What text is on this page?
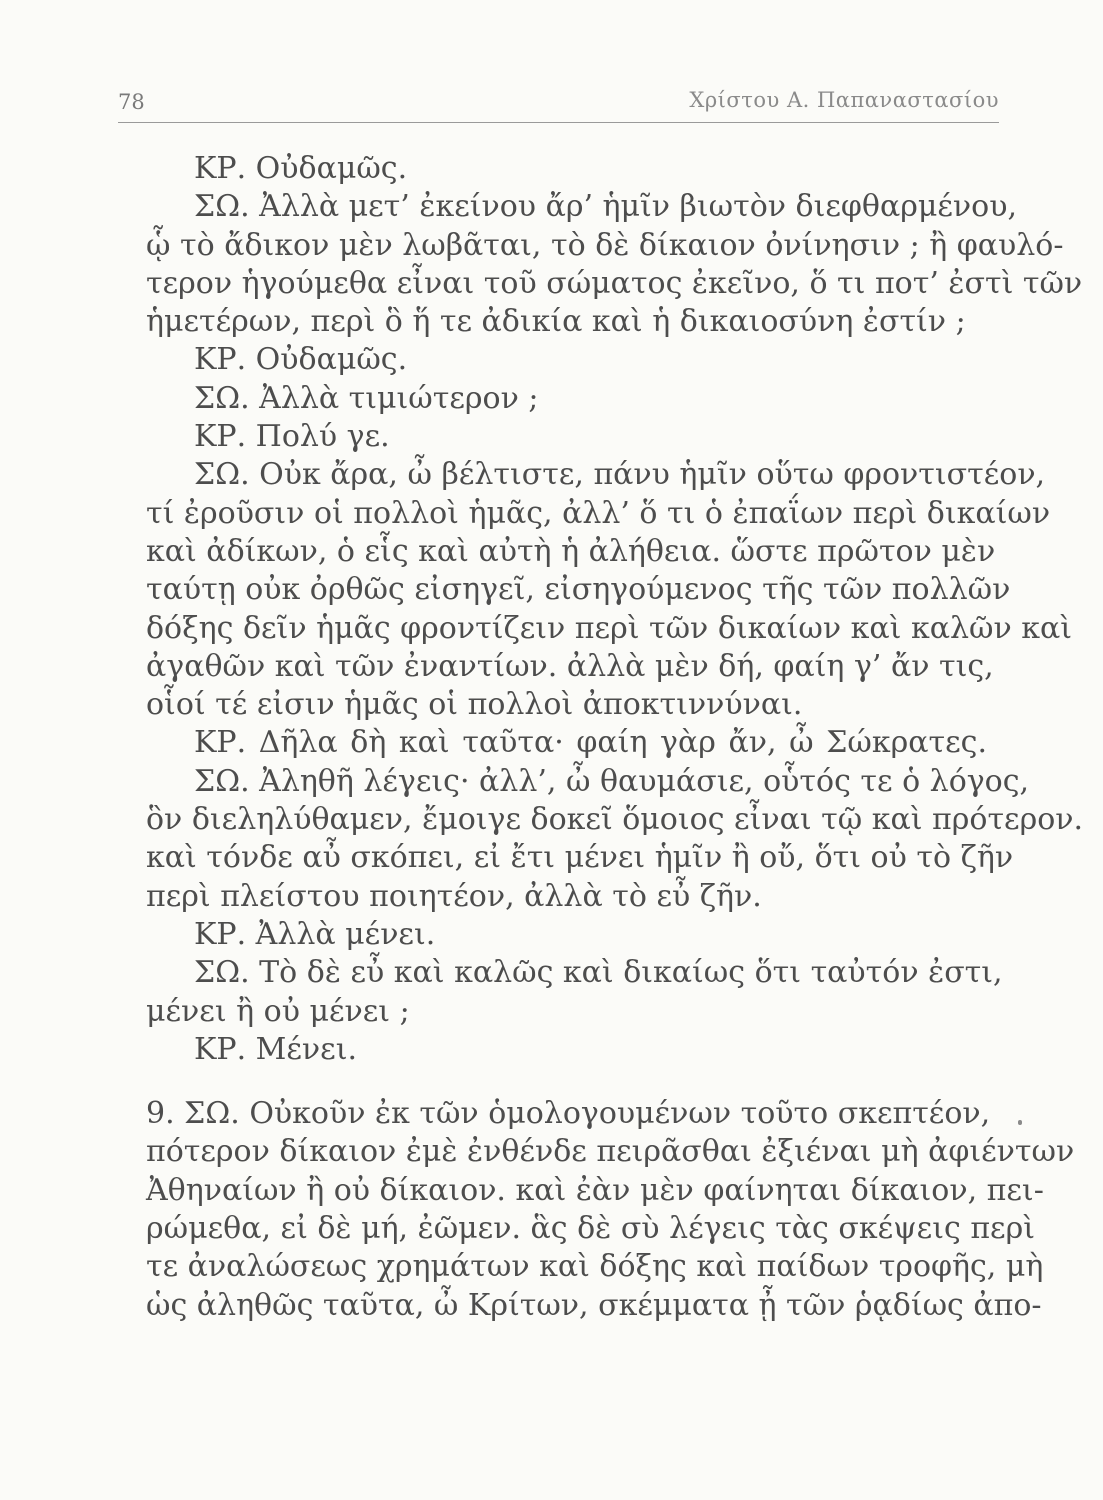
78	Χρίστου Α. Παπαναστασίου
ΚΡ. Οὐδαμῶς.
ΣΩ. Ἀλλὰ μετ’ ἐκείνου ἄρ’ ἡμῖν βιωτὸν διεφθαρμένου,
ᾧ τὸ ἄδικον μὲν λωβᾶται, τὸ δὲ δίκαιον ὀνίνησιν ; ἢ φαυλό-
τερον ἡγούμεθα εἶναι τοῦ σώματος ἐκεῖνο, ὅ τι ποτ’ ἐστὶ τῶν
ἡμετέρων, περὶ ὃ ἥ τε ἀδικία καὶ ἡ δικαιοσύνη ἐστίν ;
ΚΡ. Οὐδαμῶς.
ΣΩ. Ἀλλὰ τιμιώτερον ;
ΚΡ. Πολύ γε.
ΣΩ. Οὐκ ἄρα, ὦ βέλτιστε, πάνυ ἡμῖν οὕτω φροντιστέον,
τί ἐροῦσιν οἱ πολλοὶ ἡμᾶς, ἀλλ’ ὅ τι ὁ ἐπαΐων περὶ δικαίων
καὶ ἀδίκων, ὁ εἷς καὶ αὐτὴ ἡ ἀλήθεια. ὥστε πρῶτον μὲν
ταύτῃ οὐκ ὀρθῶς εἰσηγεῖ, εἰσηγούμενος τῆς τῶν πολλῶν
δόξης δεῖν ἡμᾶς φροντίζειν περὶ τῶν δικαίων καὶ καλῶν καὶ
ἀγαθῶν καὶ τῶν ἐναντίων. ἀλλὰ μὲν δή, φαίη γ’ ἄν τις,
οἷοί τέ εἰσιν ἡμᾶς οἱ πολλοὶ ἀποκτιννύναι.
ΚΡ. Δῆλα δὴ καὶ ταῦτα· φαίη γὰρ ἄν, ὦ Σώκρατες.
ΣΩ. Ἀληθῆ λέγεις· ἀλλ’, ὦ θαυμάσιε, οὗτός τε ὁ λόγος,
ὃν διεληλύθαμεν, ἔμοιγε δοκεῖ ὅμοιος εἶναι τῷ καὶ πρότερον.
καὶ τόνδε αὖ σκόπει, εἰ ἔτι μένει ἡμῖν ἢ οὔ, ὅτι οὐ τὸ ζῆν
περὶ πλείστου ποιητέον, ἀλλὰ τὸ εὖ ζῆν.
ΚΡ. Ἀλλὰ μένει.
ΣΩ. Τὸ δὲ εὖ καὶ καλῶς καὶ δικαίως ὅτι ταὐτόν ἐστι,
μένει ἢ οὐ μένει ;
ΚΡ. Μένει.
9. ΣΩ. Οὐκοῦν ἐκ τῶν ὁμολογουμένων τοῦτο σκεπτέον,
πότερον δίκαιον ἐμὲ ἐνθένδε πειρᾶσθαι ἐξιέναι μὴ ἀφιέντων
Ἀθηναίων ἢ οὐ δίκαιον. καὶ ἐὰν μὲν φαίνηται δίκαιον, πει-
ρώμεθα, εἰ δὲ μή, ἐῶμεν. ἃς δὲ σὺ λέγεις τὰς σκέψεις περὶ
τε ἀναλώσεως χρημάτων καὶ δόξης καὶ παίδων τροφῆς, μὴ
ὡς ἀληθῶς ταῦτα, ὦ Κρίτων, σκέμματα ᾖ τῶν ῥᾳδίως ἀπο-
